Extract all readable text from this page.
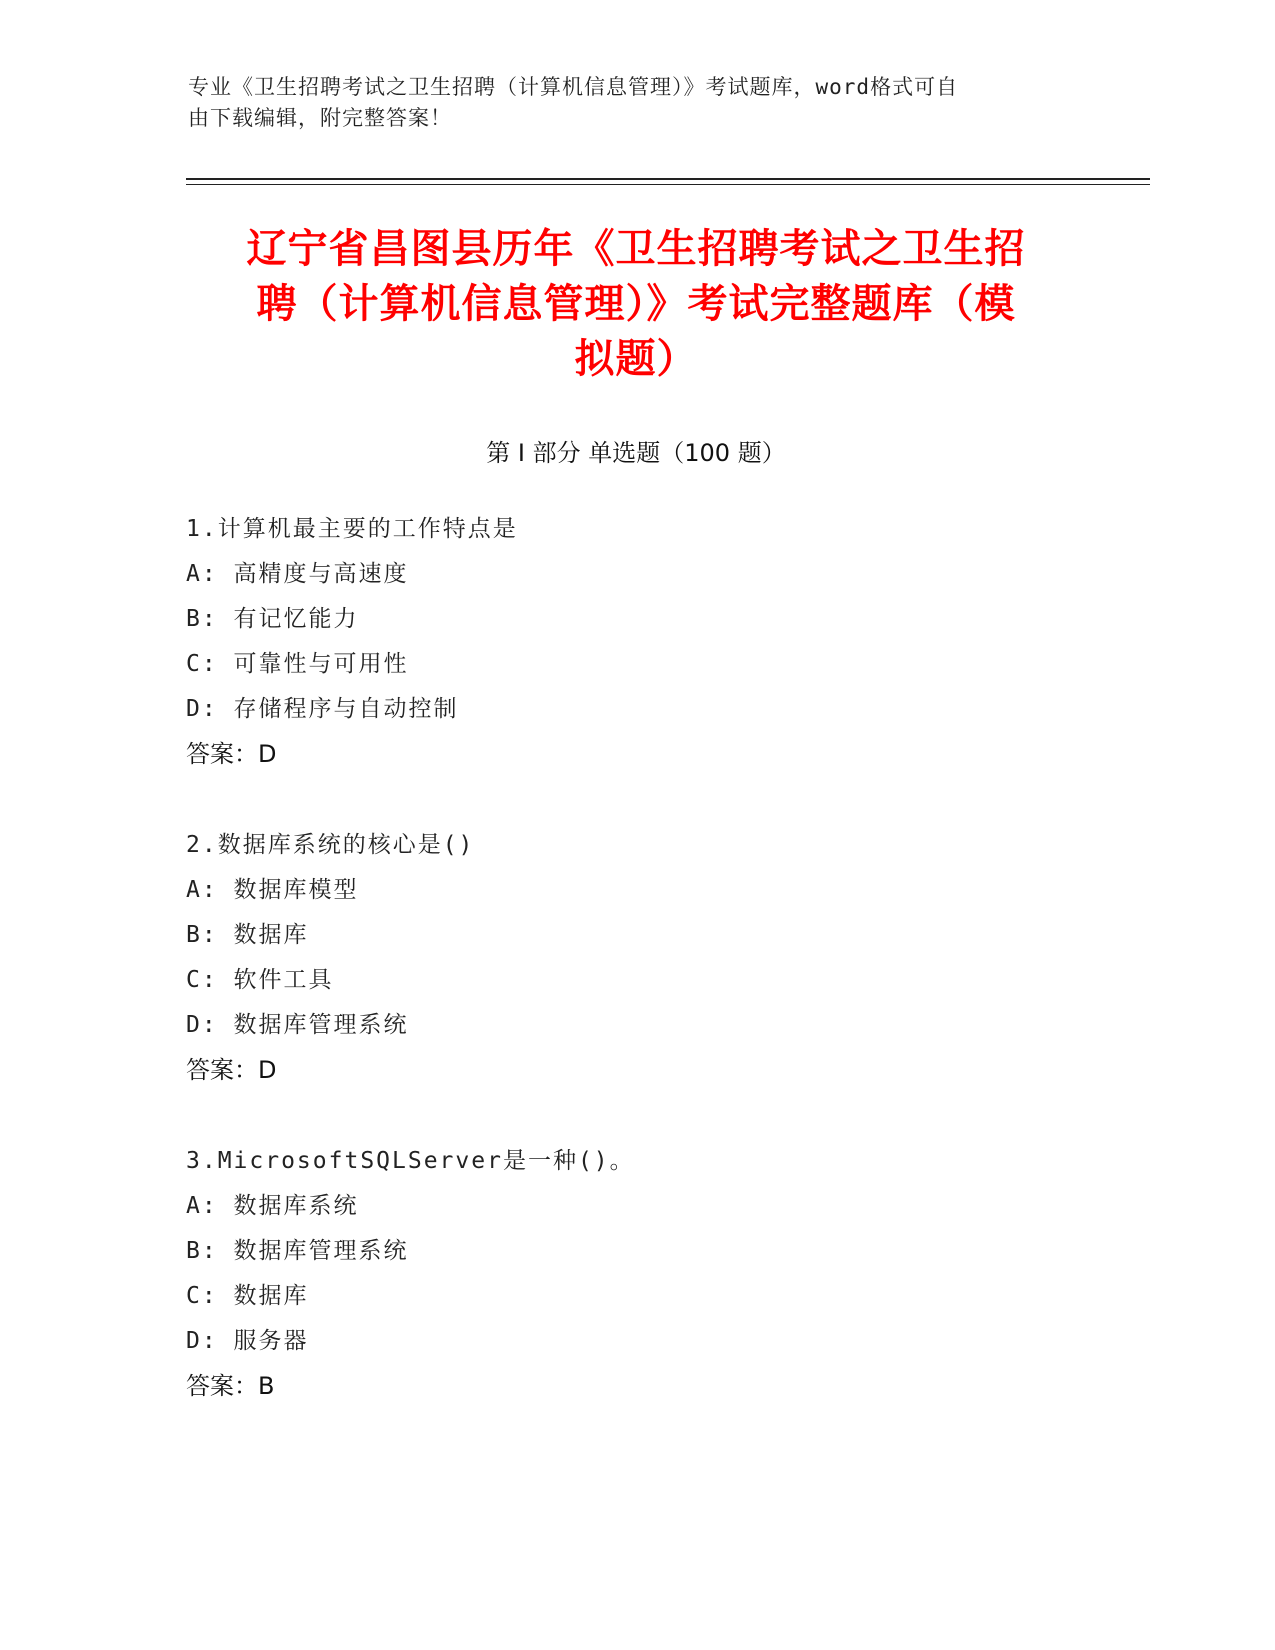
专业《卫生招聘考试之卫生招聘（计算机信息管理）》考试题库，word格式可自
由下载编辑，附完整答案！
辽宁省昌图县历年《卫生招聘考试之卫生招
聘（计算机信息管理）》考试完整题库（模
拟题）
第 I 部分 单选题（100 题）
1.计算机最主要的工作特点是
A: 高精度与高速度
B: 有记忆能力
C: 可靠性与可用性
D: 存储程序与自动控制
答案：D
2.数据库系统的核心是()
A: 数据库模型
B: 数据库
C: 软件工具
D: 数据库管理系统
答案：D
3.MicrosoftSQLServer是一种()。
A: 数据库系统
B: 数据库管理系统
C: 数据库
D: 服务器
答案：B
